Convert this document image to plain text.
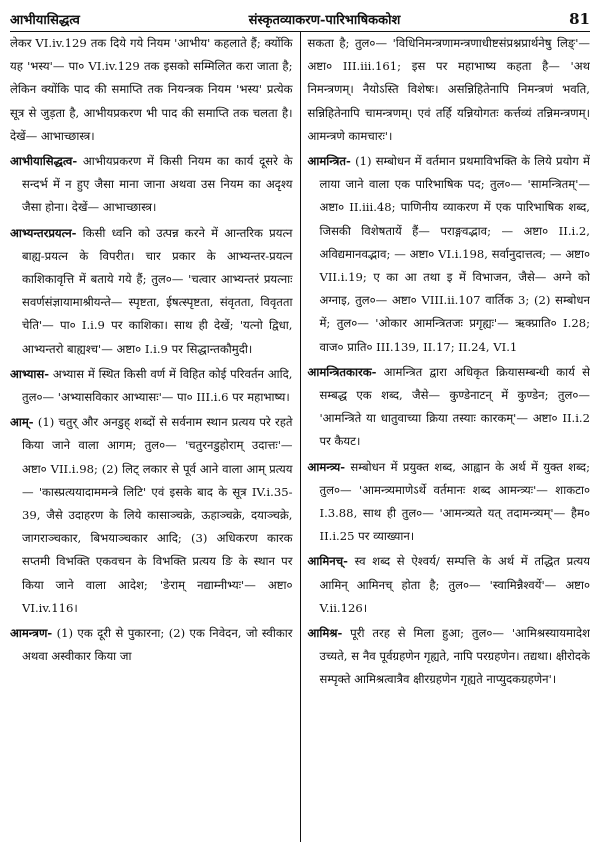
आभीयासिद्धत्व	संस्कृतव्याकरण-पारिभाषिककोश	81

लेकर VI.iv.129 तक दिये गये नियम 'आभीय' कहलाते हैं; क्योंकि यह 'भस्य'— पा० VI.iv.129 तक इसको सम्मिलित करा जाता है; लेकिन क्योंकि पाद की समाप्ति तक नियन्त्रक नियम 'भस्य' प्रत्येक सूत्र से जुड़ता है, आभीयप्रकरण भी पाद की समाप्ति तक चलता है। देखें— आभाच्छास्त्र।

आभीयासिद्धत्व- आभीयप्रकरण में किसी नियम का कार्य दूसरे के सन्दर्भ में न हुए जैसा माना जाना अथवा उस नियम का अदृश्य जैसा होना। देखें— आभाच्छास्त्र।

आभ्यन्तरप्रयत्न- किसी ध्वनि को उत्पन्न करने में आन्तरिक प्रयत्न बाह्य-प्रयत्न के विपरीत। चार प्रकार के आभ्यन्तर-प्रयत्न काशिकावृत्ति में बताये गये हैं; तुल०— 'चत्वार आभ्यन्तरं प्रयत्नाः सवर्णसंज्ञायामाश्रीयन्ते— स्पृष्टता, ईषत्स्पृष्टता, संवृतता, विवृतता चेति'— पा० I.i.9 पर काशिका। साथ ही देखें; 'यत्नो द्विधा, आभ्यन्तरो बाह्यश्च'— अष्टा० I.i.9 पर सिद्धान्तकौमुदी।

आभ्यास- अभ्यास में स्थित किसी वर्ण में विहित कोई परिवर्तन आदि, तुल०— 'अभ्यासविकार आभ्यासः'— पा० III.i.6 पर महाभाष्य।

आम्- (1) चतुर् और अनडुह् शब्दों से सर्वनाम स्थान प्रत्यय परे रहते किया जाने वाला आगम; तुल०— 'चतुरनडुहोराम् उदात्तः'— अष्टा० VII.i.98; (2) लिट् लकार से पूर्व आने वाला आम् प्रत्यय— 'कास्प्रत्ययादाममन्त्रे लिटि' एवं इसके बाद के सूत्र IV.i.35-39, जैसे उदाहरण के लिये कासाञ्चक्रे, ऊहाञ्चक्रे, दयाञ्चक्रे, जागराञ्चकार, बिभयाञ्चकार आदि; (3) अधिकरण कारक सप्तमी विभक्ति एकवचन के विभक्ति प्रत्यय ङि के स्थान पर किया जाने वाला आदेश; 'ङेराम् नद्याम्नीभ्यः'— अष्टा० VI.iv.116।

आमन्त्रण- (1) एक दूरी से पुकारना; (2) एक निवेदन, जो स्वीकार अथवा अस्वीकार किया जा

सकता है; तुल०— 'विधिनिमन्त्रणामन्त्रणाधीष्टसंप्रश्नप्रार्थनेषु लिङ्'— अष्टा० III.iii.161; इस पर महाभाष्य कहता है— 'अथ निमन्त्रणम्। नैयोऽस्ति विशेषः। असन्निहितेनापि निमन्त्रणं भवति, सन्निहितेनापि चामन्त्रणम्। एवं तर्हि यन्नियोगतः कर्त्तव्यं तन्निमन्त्रणम्। आमन्त्रणे कामचारः'।

आमन्त्रित- (1) सम्बोधन में वर्तमान प्रथमाविभक्ति के लिये प्रयोग में लाया जाने वाला एक पारिभाषिक पद; तुल०— 'सामन्त्रितम्'— अष्टा० II.iii.48; पाणिनीय व्याकरण में एक पारिभाषिक शब्द, जिसकी विशेषतायें हैं— पराङ्गवद्भाव; — अष्टा० II.i.2, अविद्यमानवद्भाव; — अष्टा० VI.i.198, सर्वानुदात्तत्व; — अष्टा० VII.i.19; ए का आ तथा इ में विभाजन, जैसे— अग्ने को अग्नाइ, तुल०— अष्टा० VIII.ii.107 वार्तिक 3; (2) सम्बोधन में; तुल०— 'ओकार आमन्त्रितजः प्रगृह्यः'— ऋक्प्राति० I.28; वाज० प्राति० III.139, II.17; II.24, VI.1

आमन्त्रितकारक- आमन्त्रित द्वारा अधिकृत क्रियासम्बन्धी कार्य से सम्बद्ध एक शब्द, जैसे— कुण्डेनाटन् में कुण्डेन; तुल०— 'आमन्त्रिते या धातुवाच्या क्रिया तस्याः कारकम्'— अष्टा० II.i.2 पर कैयट।

आमन्त्र्य- सम्बोधन में प्रयुक्त शब्द, आह्वान के अर्थ में युक्त शब्द; तुल०— 'आमन्त्र्यमाणेऽर्थे वर्तमानः शब्द आमन्त्र्यः'— शाकटा० I.3.88, साथ ही तुल०— 'आमन्त्र्यते यत् तदामन्त्र्यम्'— हैम० II.i.25 पर व्याख्यान।

आमिनच्- स्व शब्द से ऐश्वर्य/ सम्पत्ति के अर्थ में तद्धित प्रत्यय आमिन् आमिनच् होता है; तुल०— 'स्वामिन्नैश्वर्ये'— अष्टा० V.ii.126।

आमिश्र- पूरी तरह से मिला हुआ; तुल०— 'आमिश्रस्यायमादेश उच्यते, स नैव पूर्वग्रहणेन गृह्यते, नापि परग्रहणेन। तद्यथा। क्षीरोदके सम्पृक्ते आमिश्रत्वात्रैव क्षीरग्रहणेन गृह्यते नाप्युदकग्रहणेन'।
